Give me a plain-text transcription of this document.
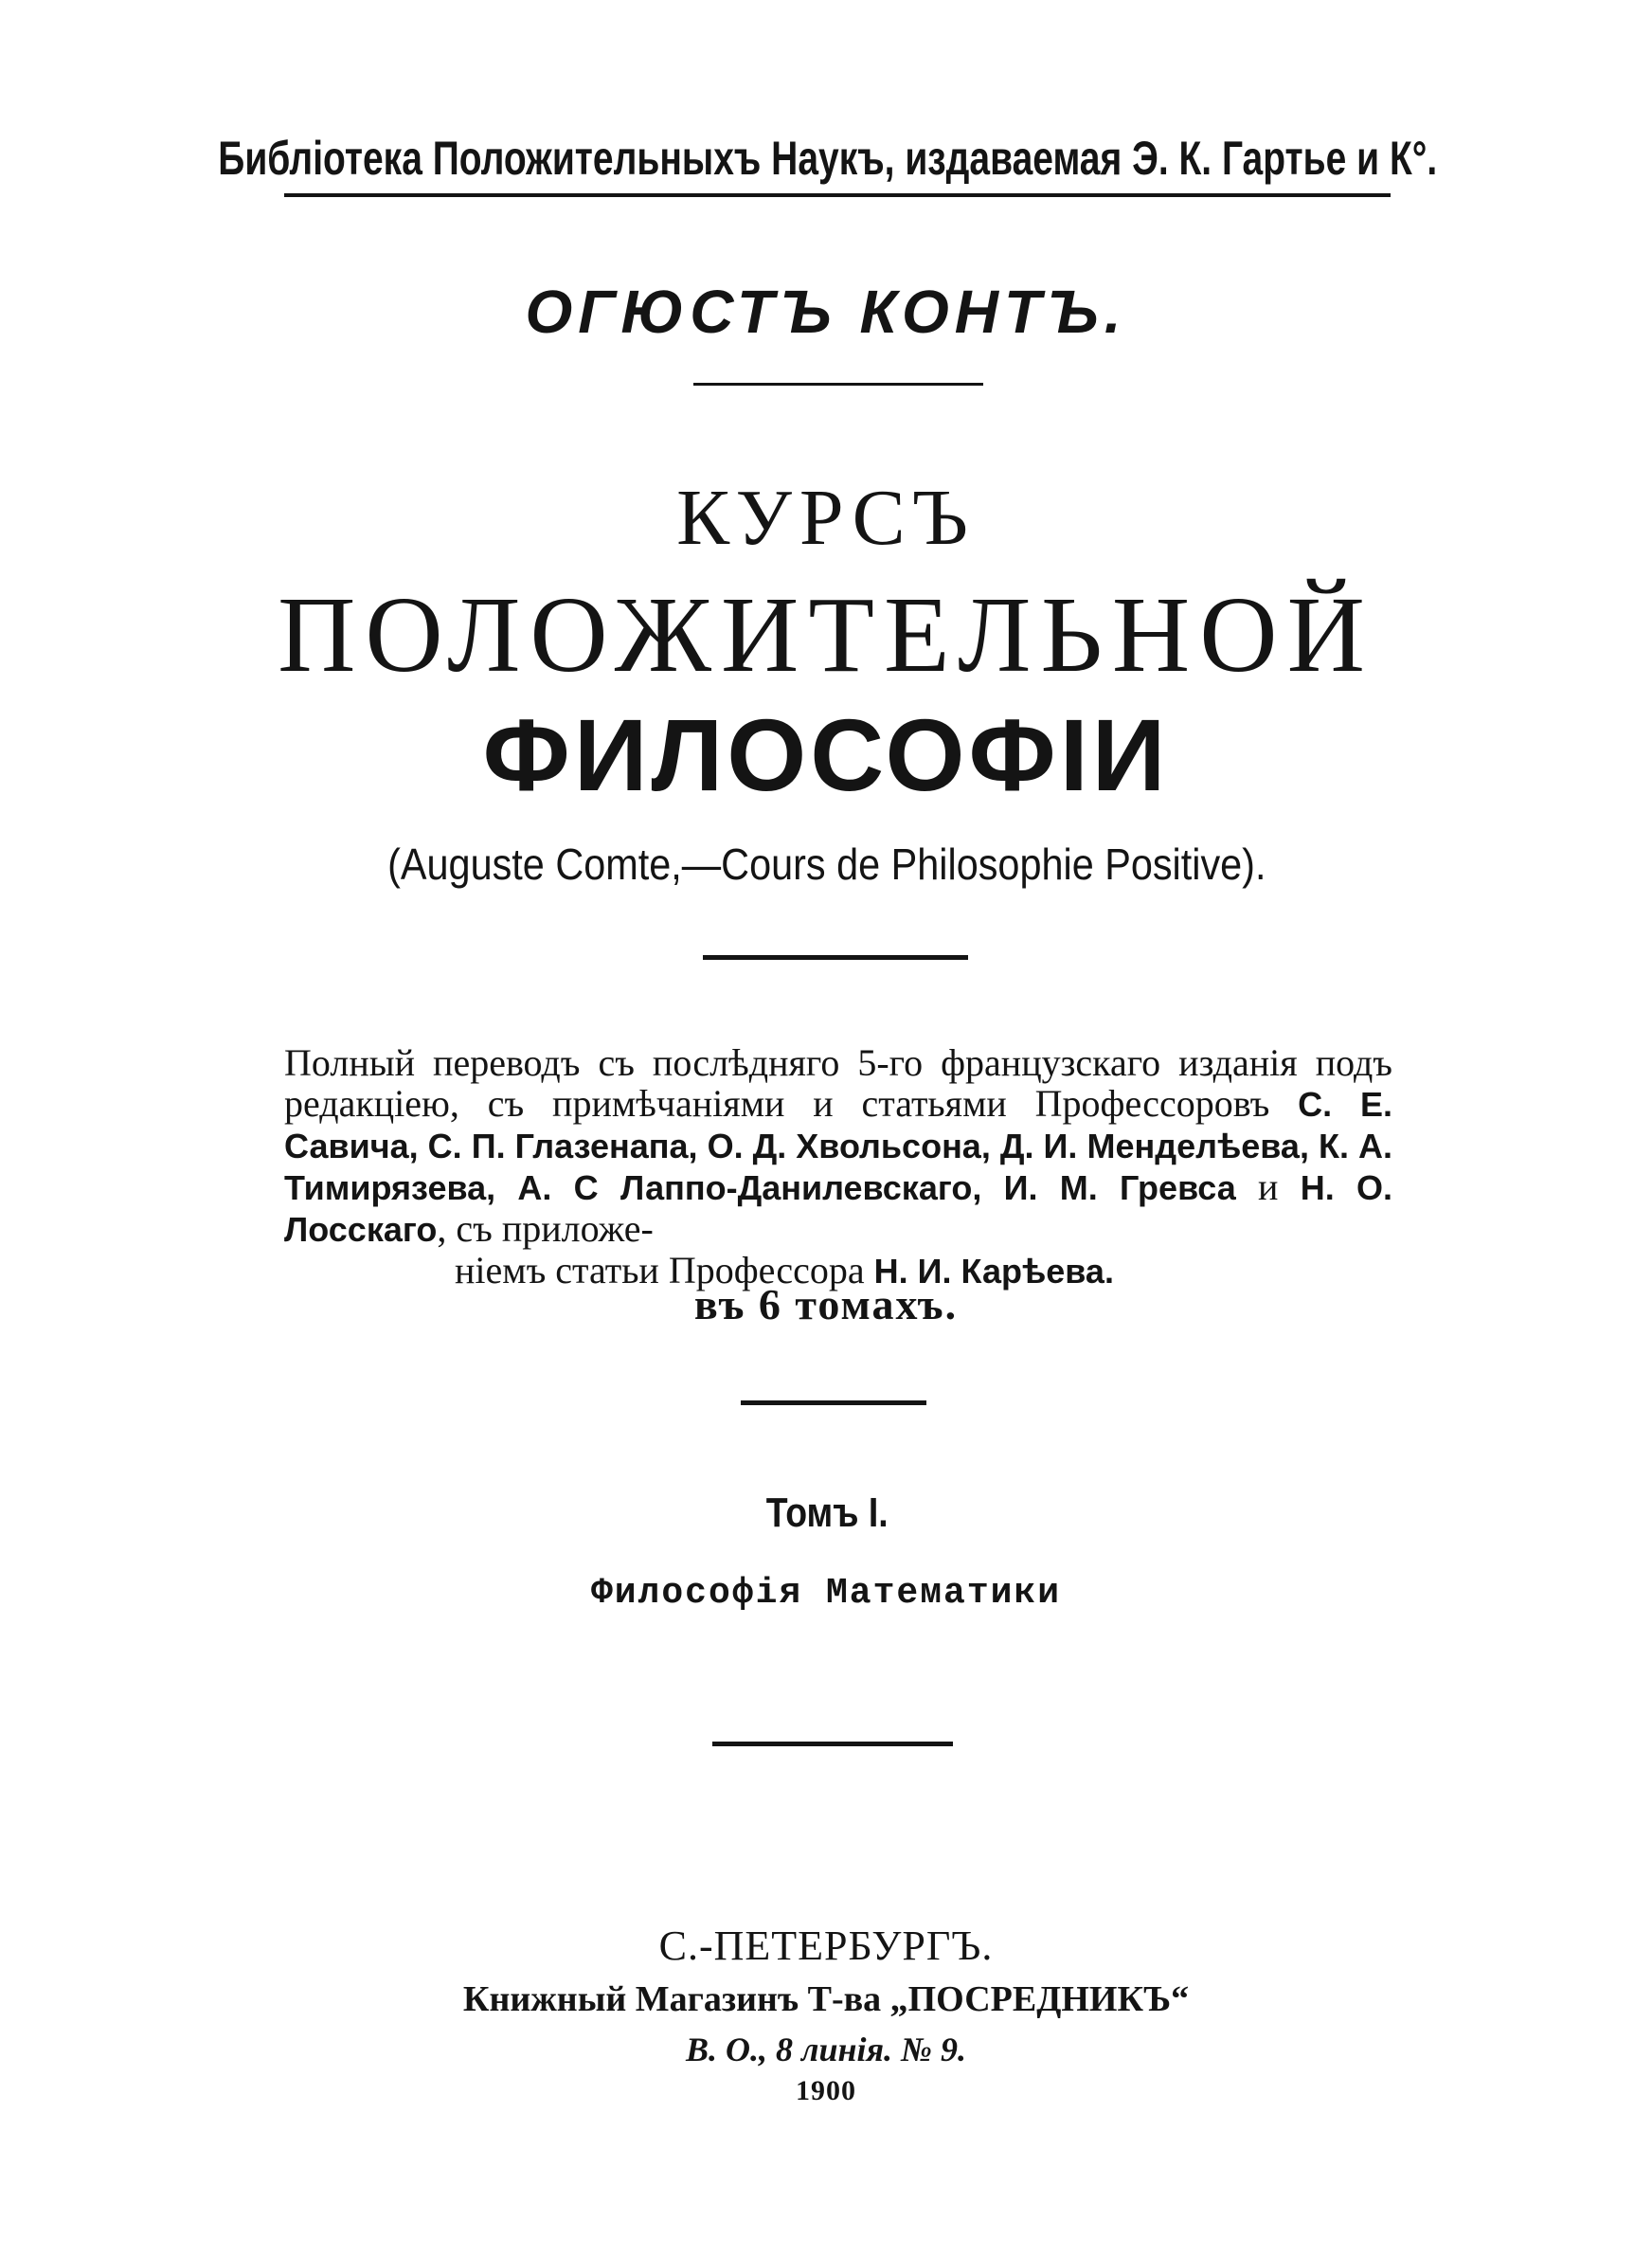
Библіотека Положительныхъ Наукъ, издаваемая Э. К. Гартье и К°.
ОГЮСТЪ КОНТЪ.
КУРСЪ
ПОЛОЖИТЕЛЬНОЙ
ФИЛОСОФІИ
(Auguste Comte,—Cours de Philosophie Positive).
Полный переводъ съ послѣдняго 5-го французскаго изданія подъ редакціею, съ примѣчаніями и статьями Профессоровъ С. Е. Савича, С. П. Глазенапа, О. Д. Хвольсона, Д. И. Менделѣева, К. А. Тимирязева, А. С Лаппо-Данилевскаго, И. М. Гревса и Н. О. Лосскаго, съ приложе-
ніемъ статьи Профессора Н. И. Карѣева.
въ 6 томахъ.
Томъ I.
Философія Математики
С.-ПЕТЕРБУРГЪ.
Книжный Магазинъ Т-ва „ПОСРЕДНИКЪ“
В. О., 8 линія. № 9.
1900
